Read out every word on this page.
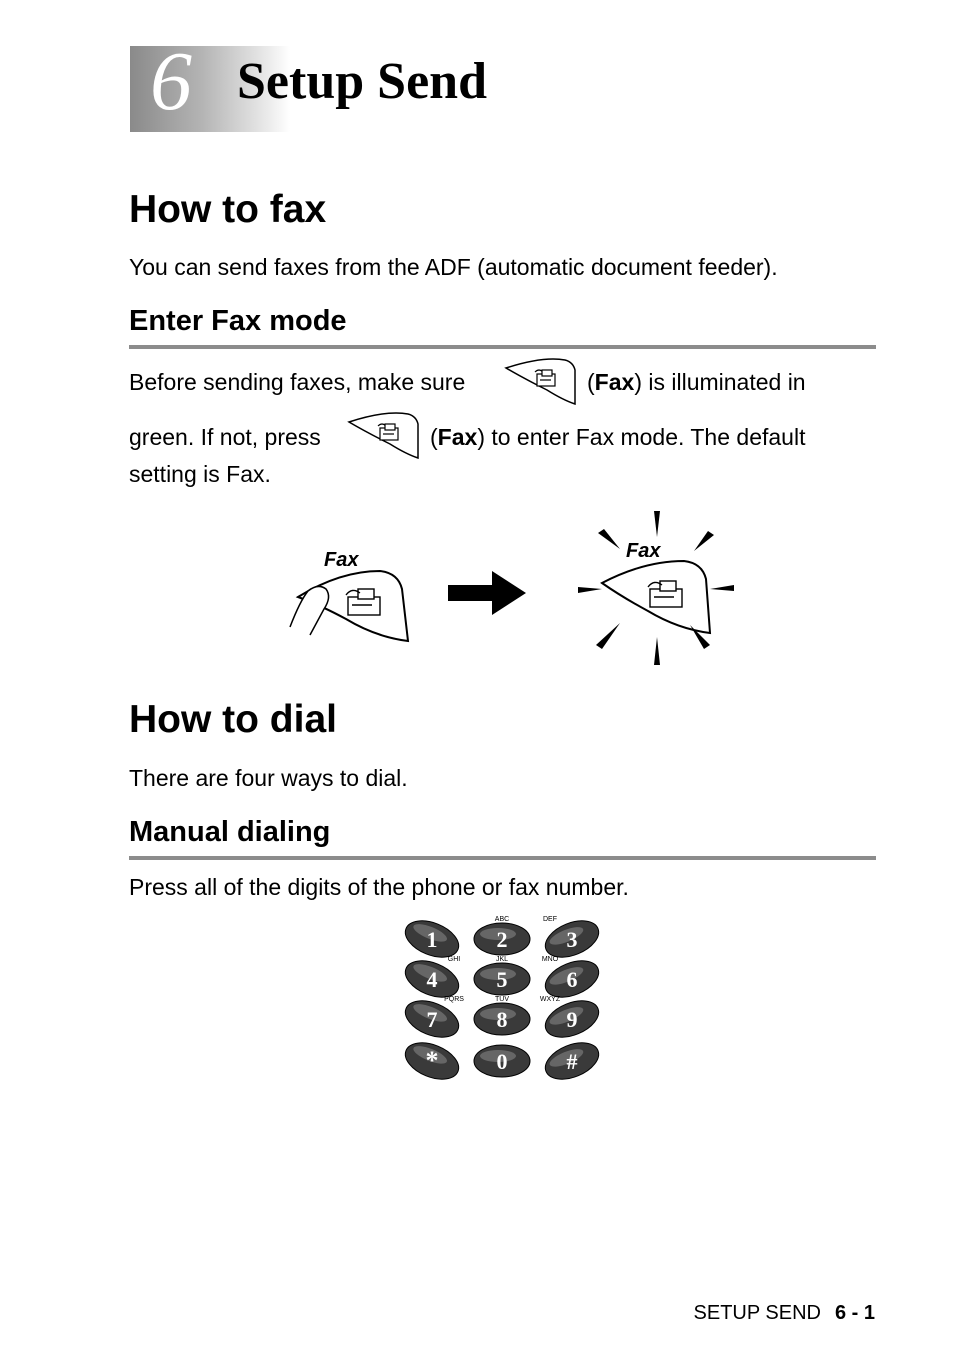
6 Setup Send
How to fax

You can send faxes from the ADF (automatic document feeder).

Enter Fax mode

Before sending faxes, make sure	(Fax) is illuminated in

green. If not, press	(Fax) to enter Fax mode. The default

setting is Fax.

Fax	Fax
How to dial

There are four ways to dial.

Manual dialing

Press all of the digits of the phone or fax number.

1	2
ABC
3
DEF
4
GHI
5
JKL
6
MNO
7
PQRS
8
TUV
9
WXYZ
*	0	#
SETUP SEND 6 - 1
